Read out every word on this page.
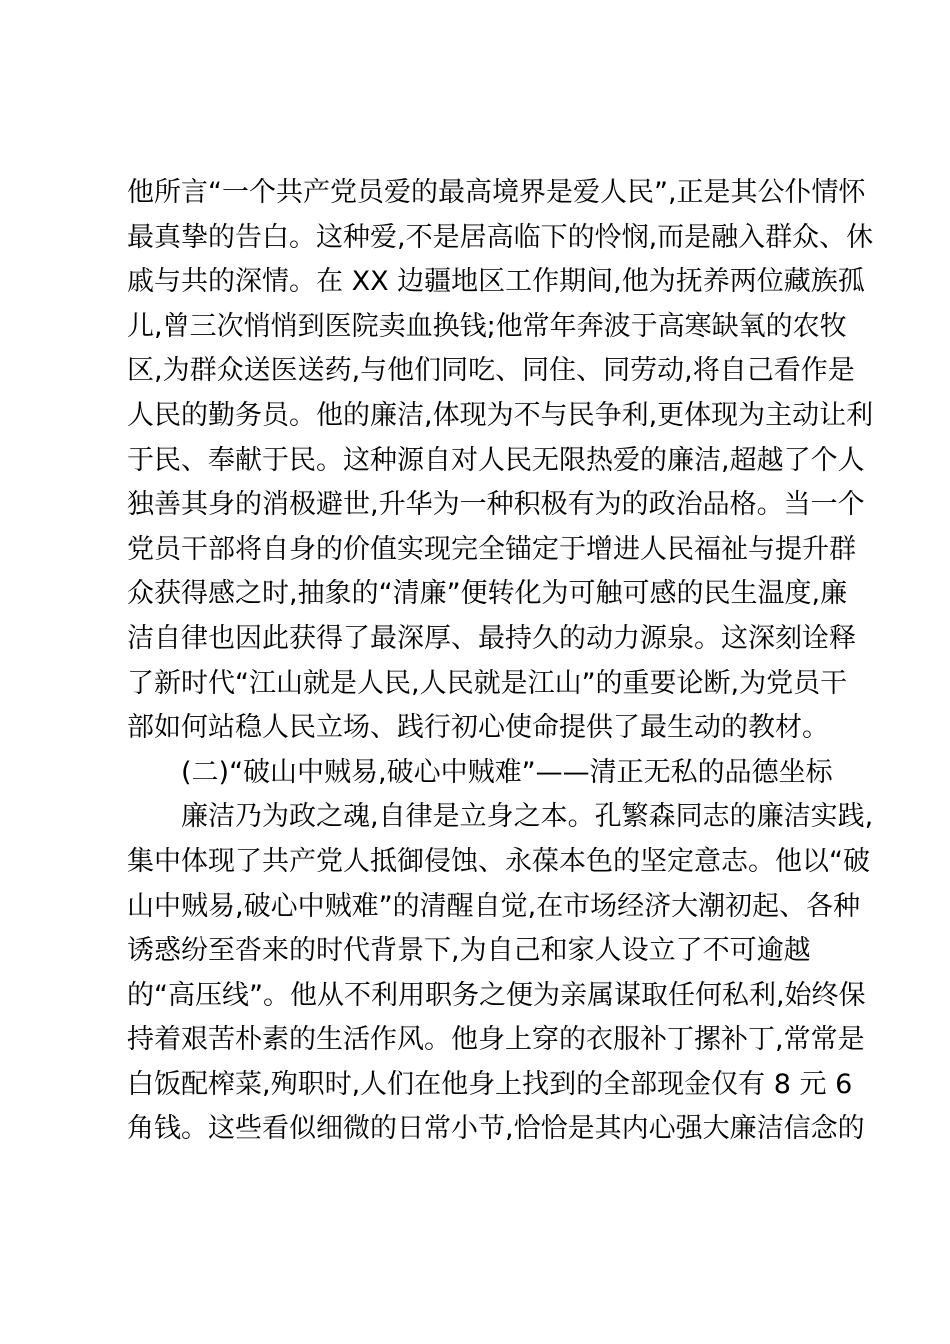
他所言“一个共产党员爱的最高境界是爱人民”,正是其公仆情怀
最真挚的告白。这种爱,不是居高临下的怜悯,而是融入群众、休
戚与共的深情。在 XX 边疆地区工作期间,他为抚养两位藏族孤
儿,曾三次悄悄到医院卖血换钱;他常年奔波于高寒缺氧的农牧
区,为群众送医送药,与他们同吃、同住、同劳动,将自己看作是
人民的勤务员。他的廉洁,体现为不与民争利,更体现为主动让利
于民、奉献于民。这种源自对人民无限热爱的廉洁,超越了个人
独善其身的消极避世,升华为一种积极有为的政治品格。当一个
党员干部将自身的价值实现完全锚定于增进人民福祉与提升群
众获得感之时,抽象的“清廉”便转化为可触可感的民生温度,廉
洁自律也因此获得了最深厚、最持久的动力源泉。这深刻诠释
了新时代“江山就是人民,人民就是江山”的重要论断,为党员干
部如何站稳人民立场、践行初心使命提供了最生动的教材。
(二)“破山中贼易,破心中贼难”——清正无私的品德坐标
廉洁乃为政之魂,自律是立身之本。孔繁森同志的廉洁实践,
集中体现了共产党人抵御侵蚀、永葆本色的坚定意志。他以“破
山中贼易,破心中贼难”的清醒自觉,在市场经济大潮初起、各种
诱惑纷至沓来的时代背景下,为自己和家人设立了不可逾越
的“高压线”。他从不利用职务之便为亲属谋取任何私利,始终保
持着艰苦朴素的生活作风。他身上穿的衣服补丁摞补丁,常常是
白饭配榨菜,殉职时,人们在他身上找到的全部现金仅有 8 元 6
角钱。这些看似细微的日常小节,恰恰是其内心强大廉洁信念的
